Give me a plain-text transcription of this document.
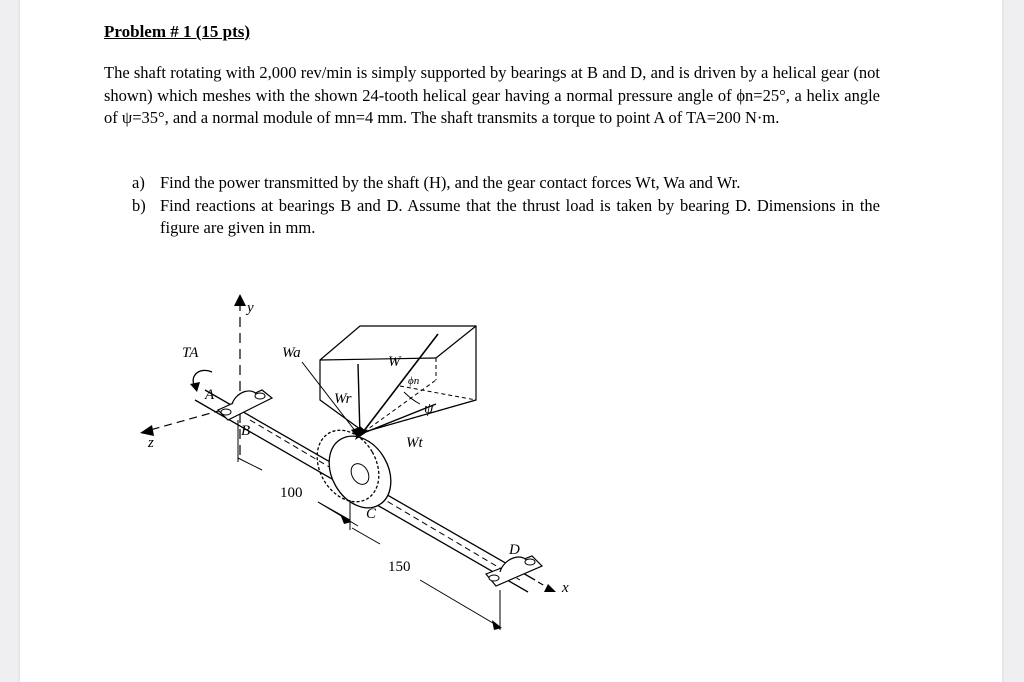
Problem # 1 (15 pts)
The shaft rotating with 2,000 rev/min is simply supported by bearings at B and D, and is driven by a helical gear (not shown) which meshes with the shown 24-tooth helical gear having a normal pressure angle of ϕn=25°, a helix angle of ψ=35°, and a normal module of mn=4 mm. The shaft transmits a torque to point A of TA=200 N·m.
a) Find the power transmitted by the shaft (H), and the gear contact forces Wt, Wa and Wr.
b) Find reactions at bearings B and D. Assume that the thrust load is taken by bearing D. Dimensions in the figure are given in mm.
y
z
TA
A
B
C
W
Wr
Wt
Wa
ϕn
ψ
D
x
100
150
